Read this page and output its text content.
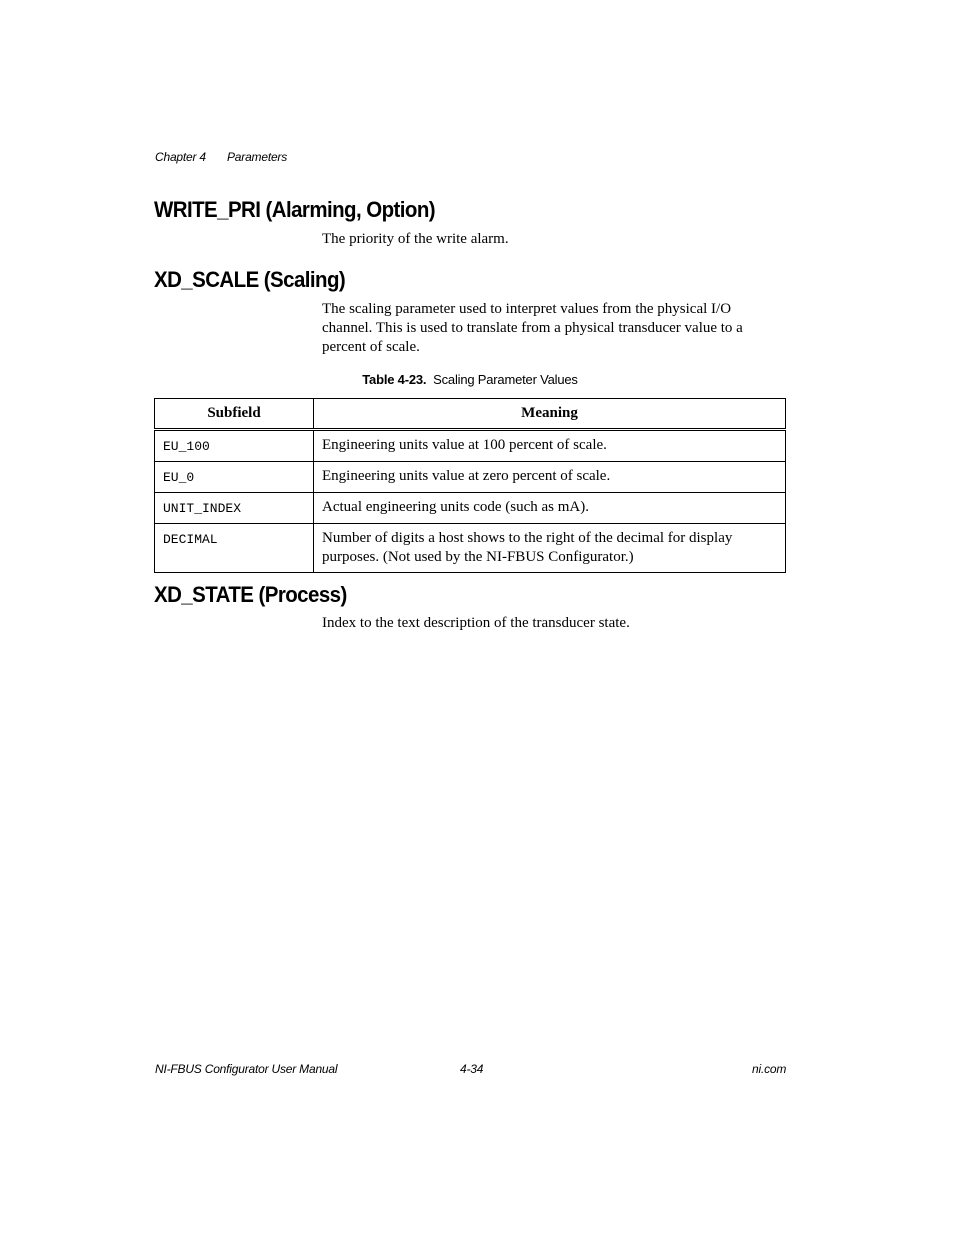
Chapter 4 Parameters
WRITE_PRI (Alarming, Option)

The priority of the write alarm.

XD_SCALE (Scaling)

The scaling parameter used to interpret values from the physical I/O channel. This is used to translate from a physical transducer value to a percent of scale.

Table 4-23. Scaling Parameter Values
Subfield	Meaning
EU_100	Engineering units value at 100 percent of scale.
EU_0	Engineering units value at zero percent of scale.
UNIT_INDEX	Actual engineering units code (such as mA).
DECIMAL	Number of digits a host shows to the right of the decimal for display purposes. (Not used by the NI-FBUS Configurator.)
XD_STATE (Process)

Index to the text description of the transducer state.

NI-FBUS Configurator User Manual	4-34	ni.com
